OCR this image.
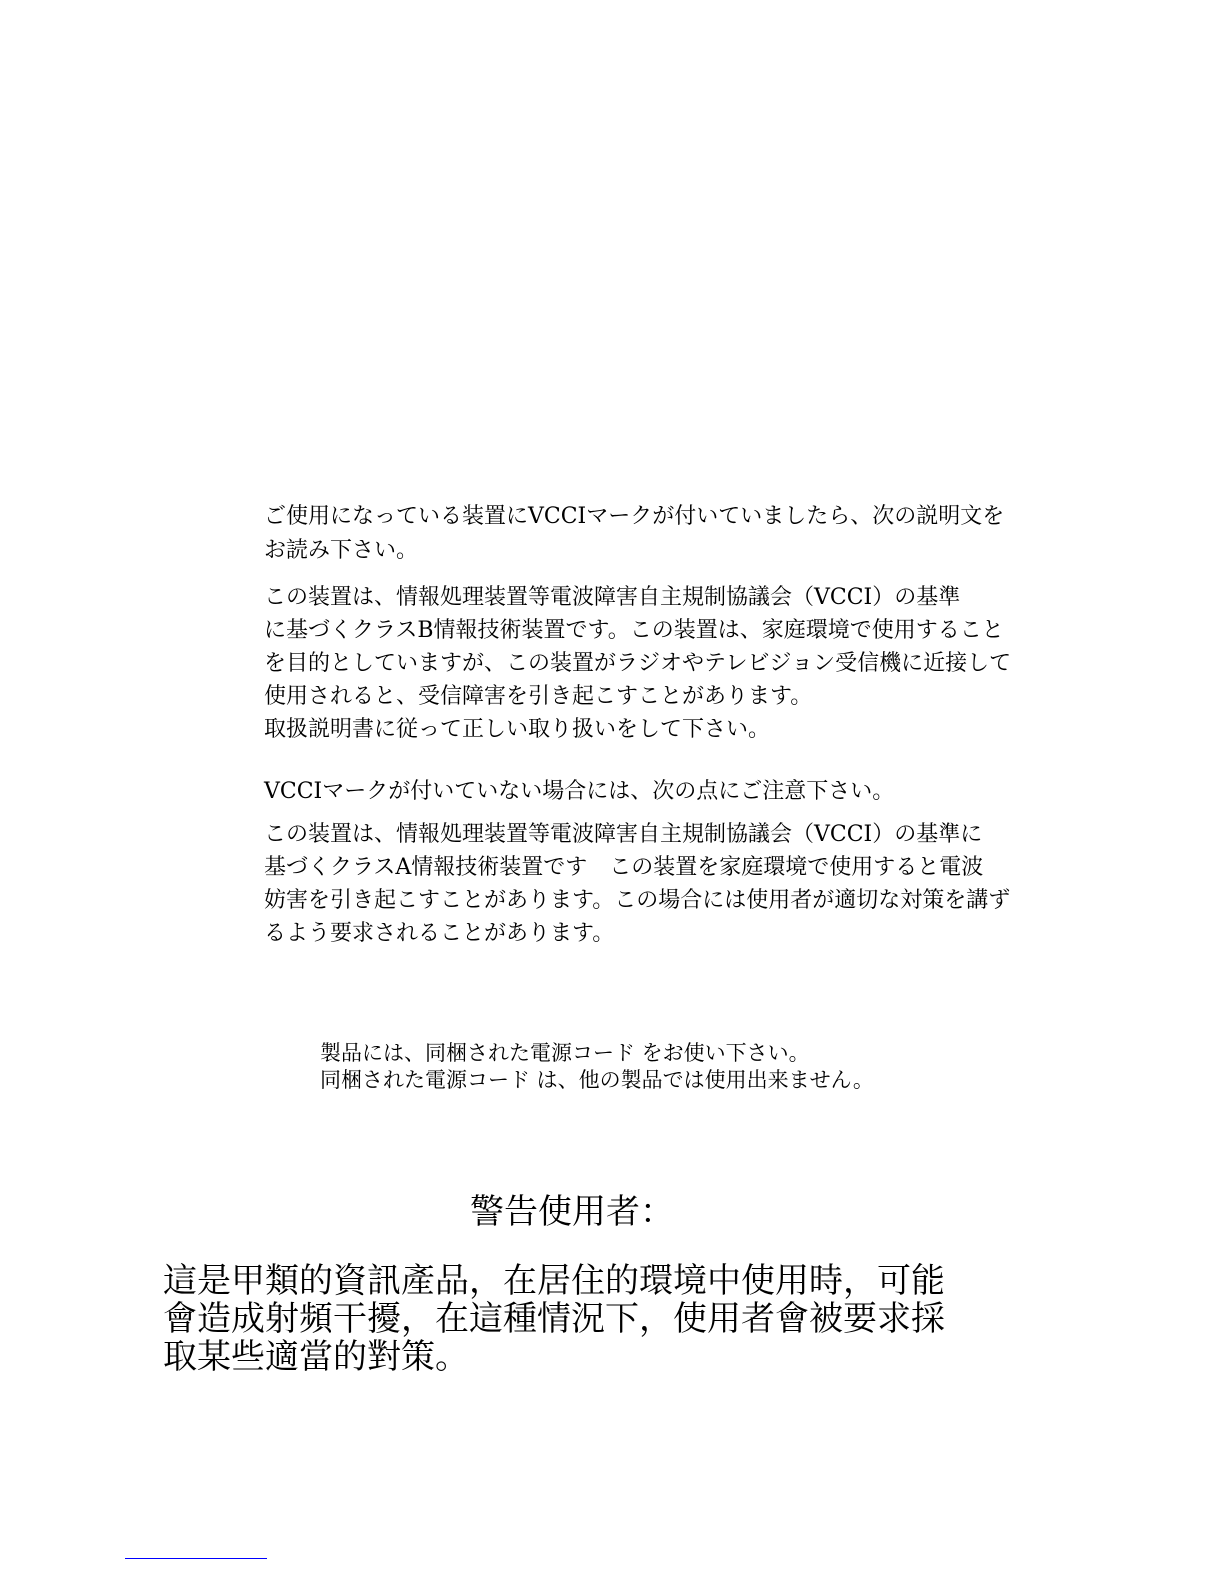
ご使用になっている装置にVCCIマークが付いていましたら、次の説明文を
お読み下さい。

この装置は、情報処理装置等電波障害自主規制協議会（VCCI）の基準
に基づくクラスB情報技術装置です。この装置は、家庭環境で使用すること
を目的としていますが、この装置がラジオやテレビジョン受信機に近接して
使用されると、受信障害を引き起こすことがあります。
取扱説明書に従って正しい取り扱いをして下さい。

VCCIマークが付いていない場合には、次の点にご注意下さい。

この装置は、情報処理装置等電波障害自主規制協議会（VCCI）の基準に
基づくクラスA情報技術装置です　この装置を家庭環境で使用すると電波
妨害を引き起こすことがあります。この場合には使用者が適切な対策を講ず
るよう要求されることがあります。

製品には、同梱された電源コード をお使い下さい。
同梱された電源コード は、他の製品では使用出来ません。
警告使用者：
這是甲類的資訊產品，在居住的環境中使用時，可能
會造成射頻干擾，在這種情況下，使用者會被要求採
取某些適當的對策。
